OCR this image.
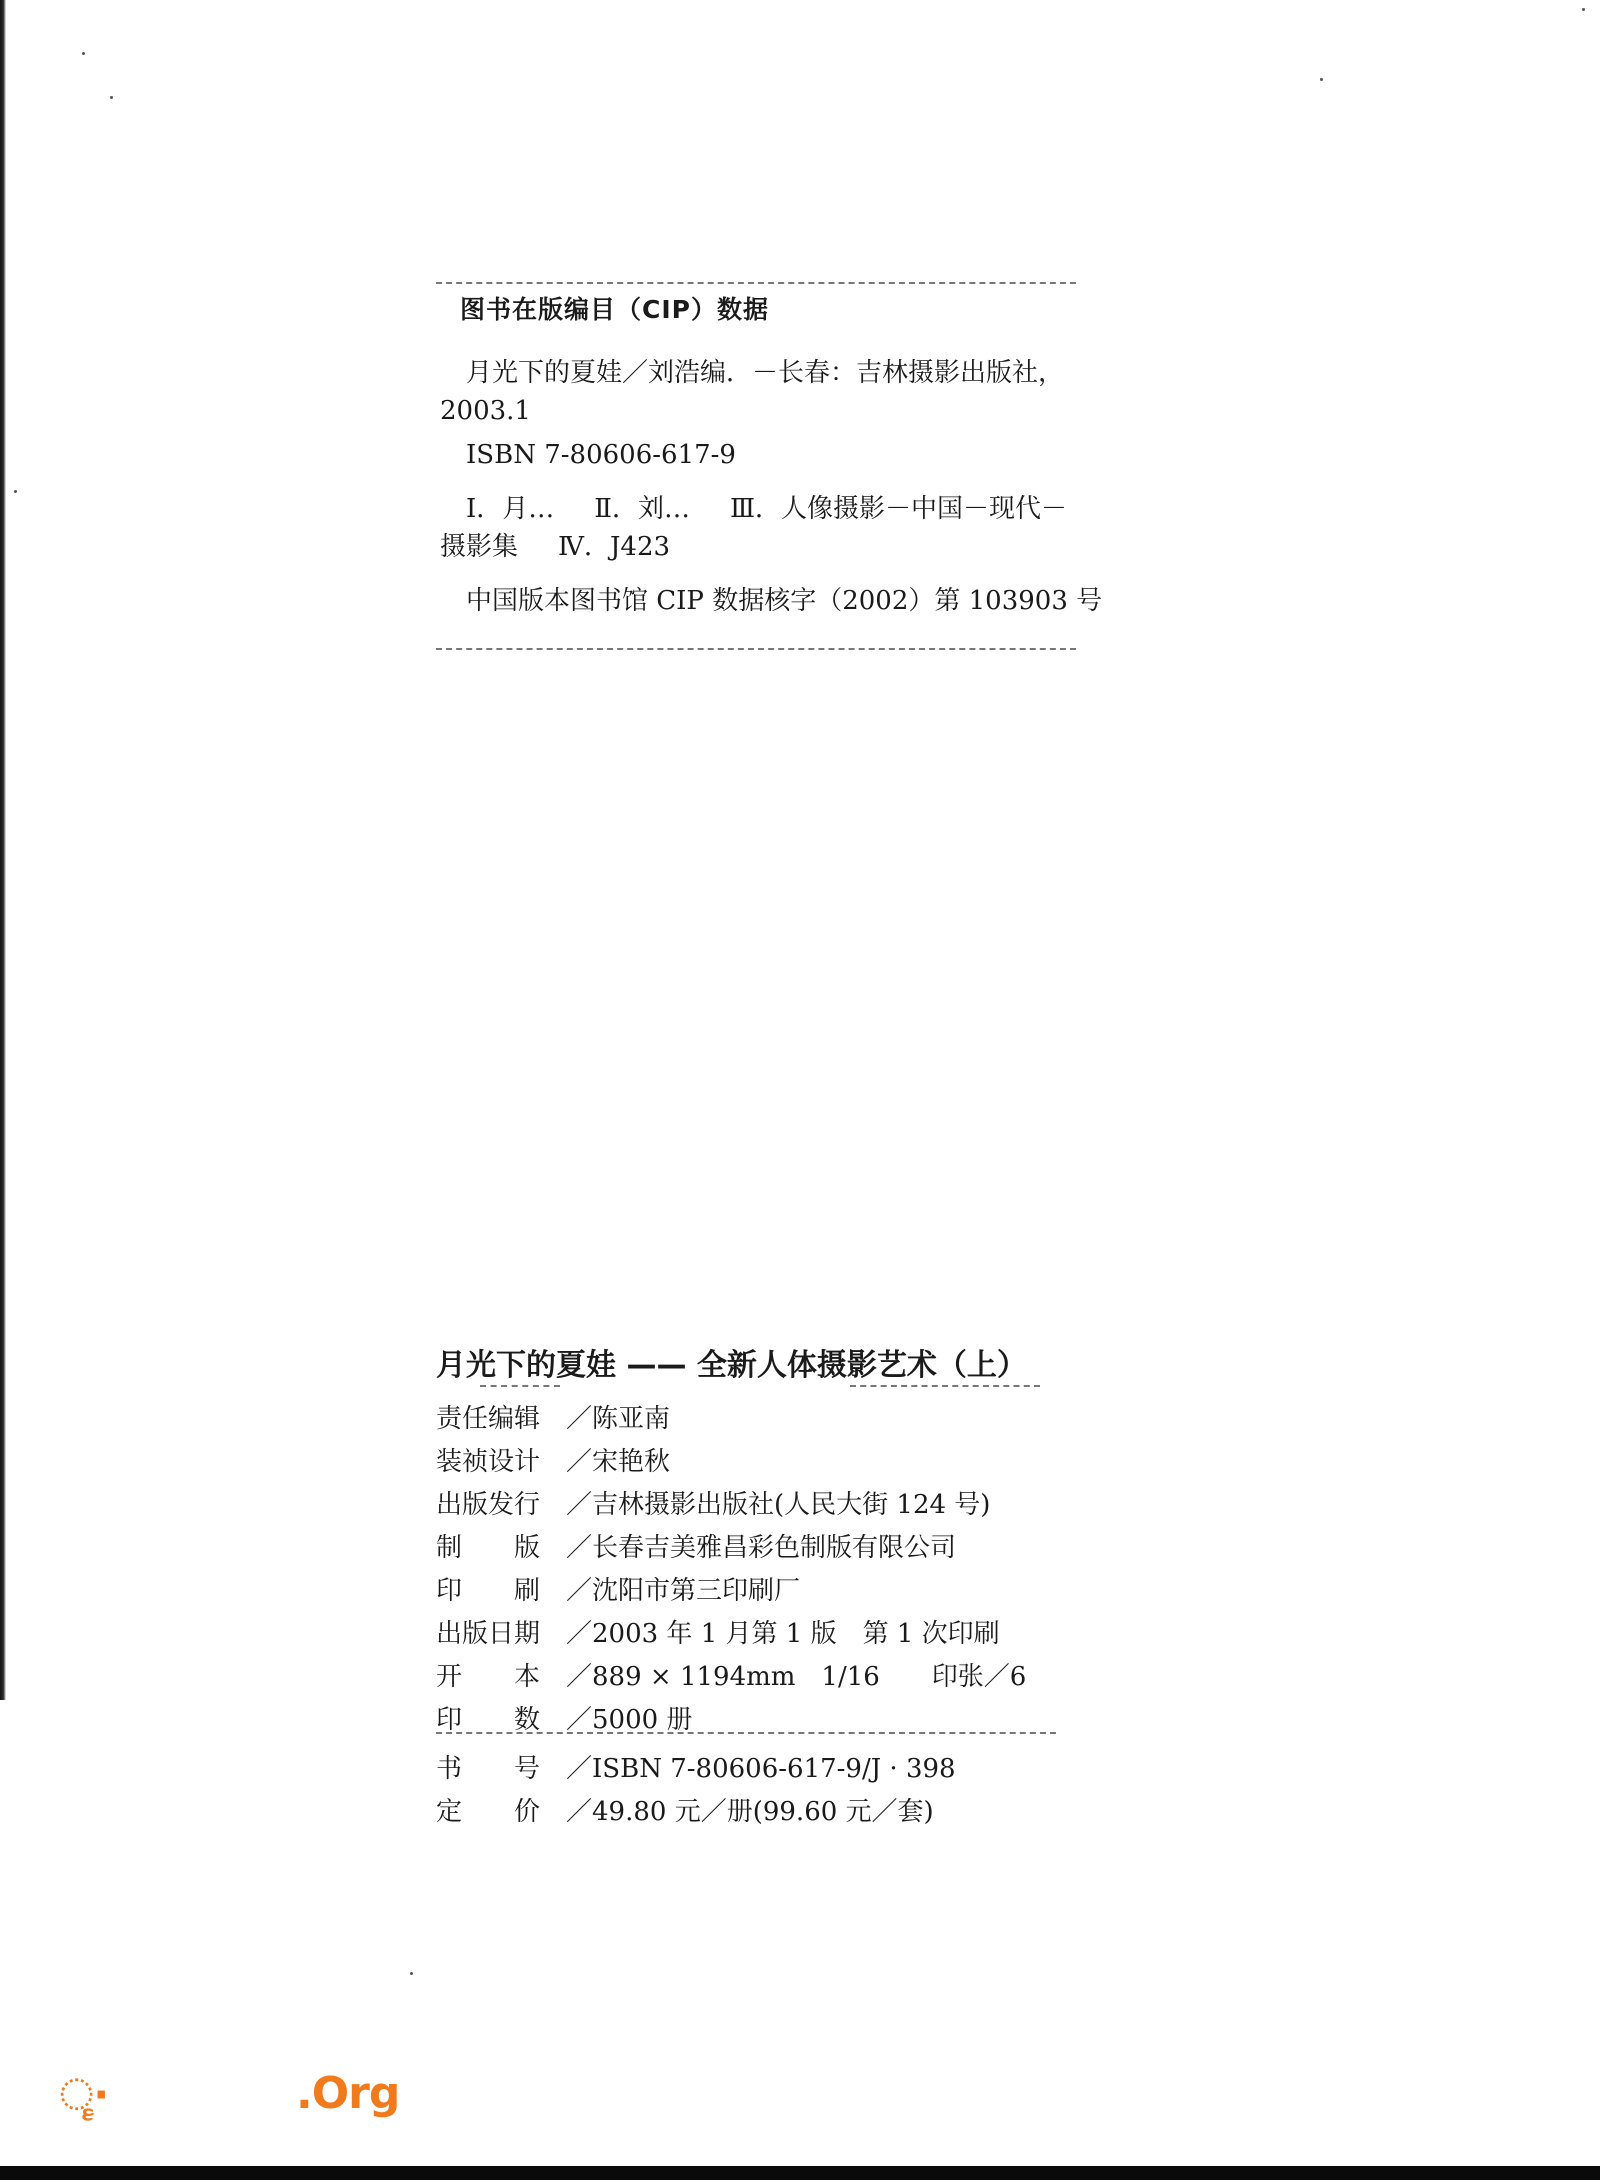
图书在版编目（CIP）数据
月光下的夏娃／刘浩编．－长春：吉林摄影出版社，
2003.1
ISBN 7-80606-617-9
Ⅰ．月… Ⅱ．刘… Ⅲ．人像摄影－中国－现代－
摄影集 Ⅳ．J423
中国版本图书馆 CIP 数据核字（2002）第 103903 号
月光下的夏娃 —— 全新人体摄影艺术（上）
责任编辑 ／陈亚南
装祯设计 ／宋艳秋
出版发行 ／吉林摄影出版社(人民大街 124 号)
制　　版 ／长春吉美雅昌彩色制版有限公司
印　　刷 ／沈阳市第三印刷厂
出版日期 ／2003 年 1 月第 1 版　第 1 次印刷
开　　本 ／889 × 1194mm　1/16　　印张／6
印　　数 ／5000 册
书　　号 ／ISBN 7-80606-617-9/J · 398
定　　价 ／49.80 元／册(99.60 元／套)
ૄ·	.Org
